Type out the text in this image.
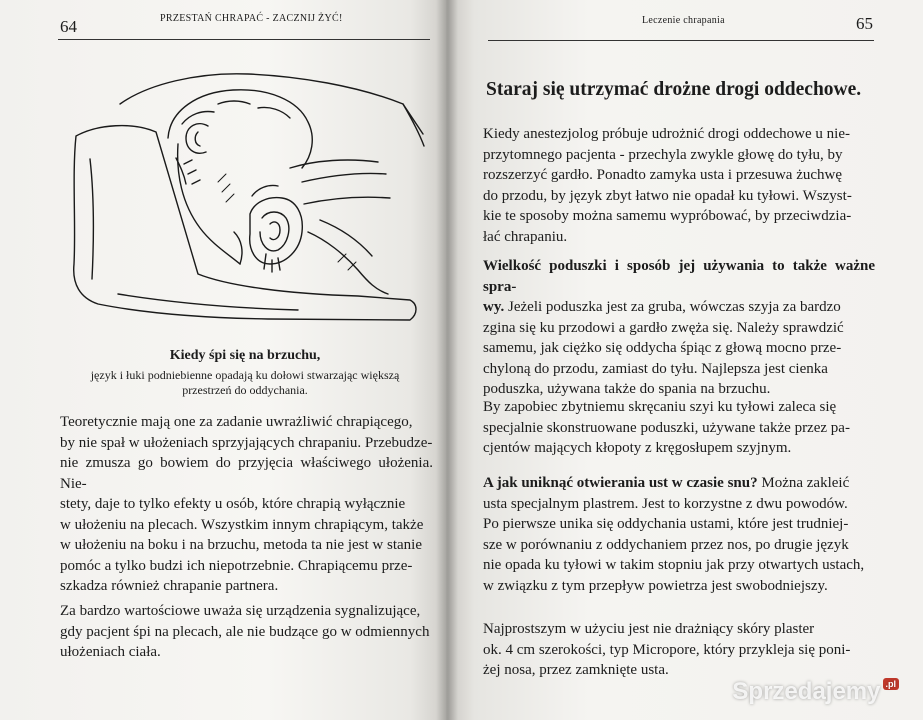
64	PRZESTAŃ CHRAPAĆ - ZACZNIJ ŻYĆ!
Kiedy śpi się na brzuchu,
język i łuki podniebienne opadają ku dołowi stwarzając większą
przestrzeń do oddychania.
Teoretycznie mają one za zadanie uwrażliwić chrapiącego,
by nie spał w ułożeniach sprzyjających chrapaniu. Przebudze-
nie zmusza go bowiem do przyjęcia właściwego ułożenia. Nie-
stety, daje to tylko efekty u osób, które chrapią wyłącznie
w ułożeniu na plecach. Wszystkim innym chrapiącym, także
w ułożeniu na boku i na brzuchu, metoda ta nie jest w stanie
pomóc a tylko budzi ich niepotrzebnie. Chrapiącemu prze-
szkadza również chrapanie partnera.
Za bardzo wartościowe uważa się urządzenia sygnalizujące,
gdy pacjent śpi na plecach, ale nie budzące go w odmiennych
ułożeniach ciała.
Leczenie chrapania	65
Staraj się utrzymać drożne drogi oddechowe.
Kiedy anestezjolog próbuje udrożnić drogi oddechowe u nie-
przytomnego pacjenta - przechyla zwykle głowę do tyłu, by
rozszerzyć gardło. Ponadto zamyka usta i przesuwa żuchwę
do przodu, by język zbyt łatwo nie opadał ku tyłowi. Wszyst-
kie te sposoby można samemu wypróbować, by przeciwdzia-
łać chrapaniu.
Wielkość poduszki i sposób jej używania to także ważne spra-
wy. Jeżeli poduszka jest za gruba, wówczas szyja za bardzo
zgina się ku przodowi a gardło zwęża się. Należy sprawdzić
samemu, jak ciężko się oddycha śpiąc z głową mocno prze-
chyloną do przodu, zamiast do tyłu. Najlepsza jest cienka
poduszka, używana także do spania na brzuchu.
By zapobiec zbytniemu skręcaniu szyi ku tyłowi zaleca się
specjalnie skonstruowane poduszki, używane także przez pa-
cjentów mających kłopoty z kręgosłupem szyjnym.
A jak uniknąć otwierania ust w czasie snu? Można zakleić
usta specjalnym plastrem. Jest to korzystne z dwu powodów.
Po pierwsze unika się oddychania ustami, które jest trudniej-
sze w porównaniu z oddychaniem przez nos, po drugie język
nie opada ku tyłowi w takim stopniu jak przy otwartych ustach,
w związku z tym przepływ powietrza jest swobodniejszy.
Najprostszym w użyciu jest nie drażniący skóry plaster
ok. 4 cm szerokości, typ Micropore, który przykleja się poni-
żej nosa, przez zamknięte usta.
Sprzedajemy .pl
